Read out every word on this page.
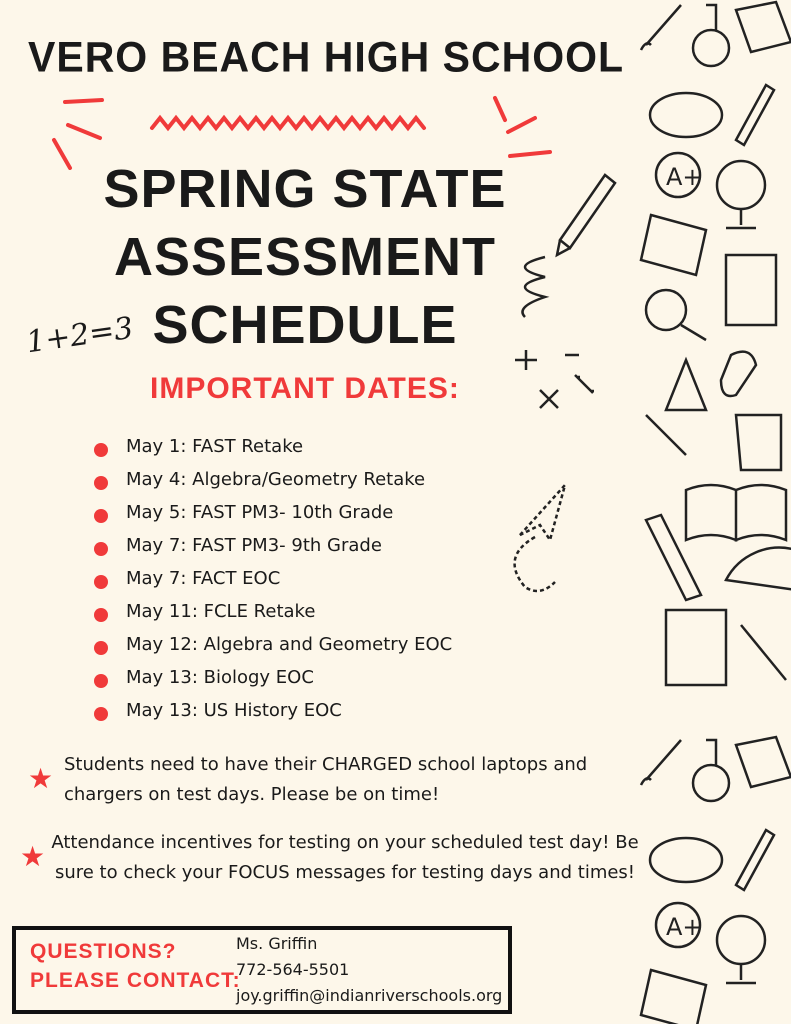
VERO BEACH HIGH SCHOOL
SPRING STATE
ASSESSMENT
SCHEDULE
1+2=3
IMPORTANT DATES:
May 1: FAST Retake
May 4: Algebra/Geometry Retake
May 5: FAST PM3- 10th Grade
May 7: FAST PM3- 9th Grade
May 7: FACT EOC
May 11: FCLE Retake
May 12: Algebra and Geometry EOC
May 13: Biology EOC
May 13: US History EOC
★ Students need to have their CHARGED school laptops and chargers on test days. Please be on time!
★ Attendance incentives for testing on your scheduled test day! Be sure to check your FOCUS messages for testing days and times!
QUESTIONS?
PLEASE CONTACT:
Ms. Griffin
772-564-5501
joy.griffin@indianriverschools.org
A+
A+
